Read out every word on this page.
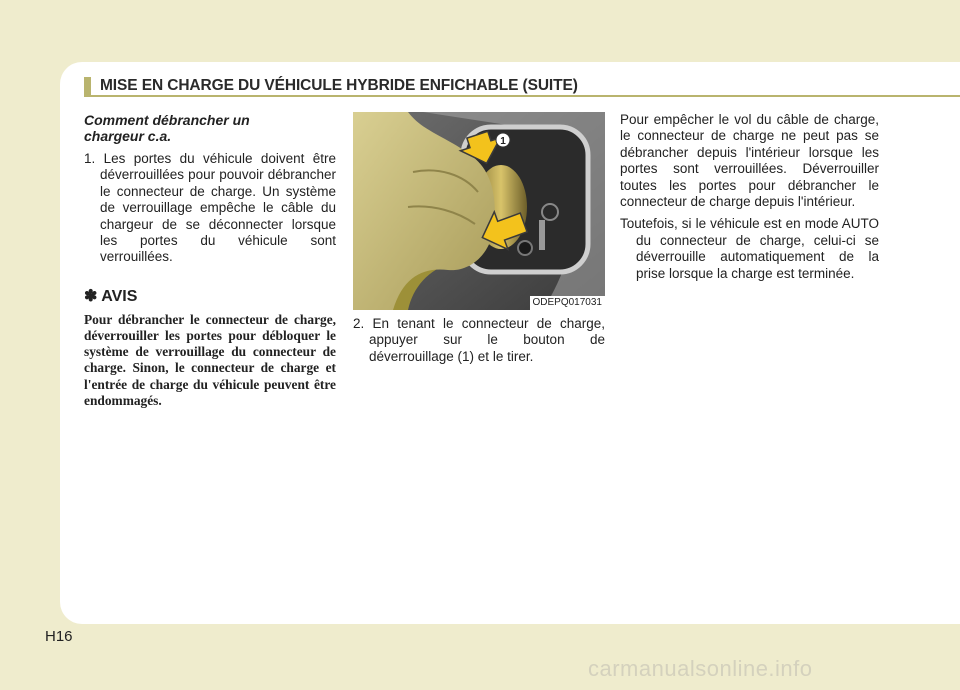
MISE EN CHARGE DU VÉHICULE HYBRIDE ENFICHABLE (SUITE)
Comment débrancher un chargeur c.a.

1. Les portes du véhicule doivent être déverrouillées pour pouvoir débrancher le connecteur de charge. Un système de verrouillage empêche le câble du chargeur de se déconnecter lorsque les portes du véhicule sont verrouillées.

✽ AVIS

Pour débrancher le connecteur de charge, déverrouiller les portes pour débloquer le système de verrouillage du connecteur de charge. Sinon, le connecteur de charge et l'entrée de charge du véhicule peuvent être endommagés.

1
ODEPQ017031

2. En tenant le connecteur de charge, appuyer sur le bouton de déverrouillage (1) et le tirer.

Pour empêcher le vol du câble de charge, le connecteur de charge ne peut pas se débrancher depuis l'intérieur lorsque les portes sont verrouillées. Déverrouiller toutes les portes pour débrancher le connecteur de charge depuis l'intérieur.

Toutefois, si le véhicule est en mode AUTO du connecteur de charge, celui-ci se déverrouille automatiquement de la prise lorsque la charge est terminée.

H16
carmanualsonline.info
